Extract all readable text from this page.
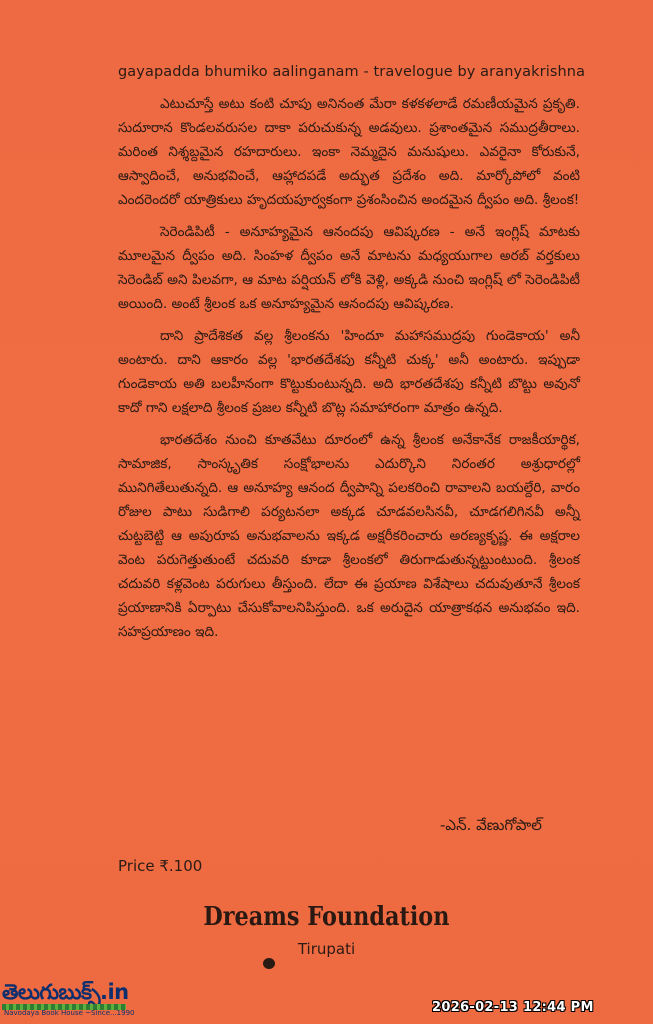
gayapadda bhumiko aalinganam - travelogue by aranyakrishna

ఎటుచూస్తే అటు కంటి చూపు అనినంత మేరా కళకళలాడే రమణీయమైన ప్రకృతి. సుదూరాన కొండలవరుసల దాకా పరుచుకున్న అడవులు. ప్రశాంతమైన సముద్రతీరాలు. మరింత నిశ్శబ్దమైన రహదారులు. ఇంకా నెమ్మదైన మనుషులు. ఎవరైనా కోరుకునే, ఆస్వాదించే, అనుభవించే, ఆహ్లాదపడే అద్భుత ప్రదేశం అది. మార్కోపోలో వంటి ఎందరెందరో యాత్రికులు హృదయపూర్వకంగా ప్రశంసించిన అందమైన ద్వీపం అది. శ్రీలంక!

సెరెండిపిటీ - అనూహ్యమైన ఆనందపు ఆవిష్కరణ - అనే ఇంగ్లిష్ మాటకు మూలమైన ద్వీపం అది. సింహళ ద్వీపం అనే మాటను మధ్యయుగాల అరబ్ వర్తకులు సెరెండిబ్ అని పిలవగా, ఆ మాట పర్షియన్ లోకి వెళ్లి, అక్కడి నుంచి ఇంగ్లిష్ లో సెరెండిపిటీ అయింది. అంటే శ్రీలంక ఒక అనూహ్యమైన ఆనందపు ఆవిష్కరణ.

దాని ప్రాదేశికత వల్ల శ్రీలంకను 'హిందూ మహాసముద్రపు గుండెకాయ' అనీ అంటారు. దాని ఆకారం వల్ల 'భారతదేశపు కన్నీటి చుక్క' అనీ అంటారు. ఇప్పుడా గుండెకాయ అతి బలహీనంగా కొట్టుకుంటున్నది. అది భారతదేశపు కన్నీటి బొట్టు అవునో కాదో గాని లక్షలాది శ్రీలంక ప్రజల కన్నీటి బొట్ల సమాహారంగా మాత్రం ఉన్నది.

భారతదేశం నుంచి కూతవేటు దూరంలో ఉన్న శ్రీలంక అనేకానేక రాజకీయార్థిక, సామాజిక, సాంస్కృతిక సంక్షోభాలను ఎదుర్కొని నిరంతర అశ్రుధారల్లో మునిగితేలుతున్నది. ఆ అనూహ్య ఆనంద ద్వీపాన్ని పలకరించి రావాలని బయల్దేరి, వారం రోజుల పాటు సుడిగాలి పర్యటనలా అక్కడ చూడవలసినవీ, చూడగలిగినవీ అన్నీ చుట్టబెట్టి ఆ అపురూప అనుభవాలను ఇక్కడ అక్షరీకరించారు అరణ్యకృష్ణ. ఈ అక్షరాల వెంట పరుగెత్తుతుంటే చదువరి కూడా శ్రీలంకలో తిరుగాడుతున్నట్టుంటుంది. శ్రీలంక చదువరి కళ్లవెంట పరుగులు తీస్తుంది. లేదా ఈ ప్రయాణ విశేషాలు చదువుతూనే శ్రీలంక ప్రయాణానికి ఏర్పాటు చేసుకోవాలనిపిస్తుంది. ఒక అరుదైన యాత్రాకథన అనుభవం ఇది. సహప్రయాణం ఇది.

-ఎన్. వేణుగోపాల్
Price ₹.100
Dreams Foundation
Tirupati
తెలుగుబుక్స్.in
Navodaya Book House ~Since...1990	2026-02-13 12:44 PM
